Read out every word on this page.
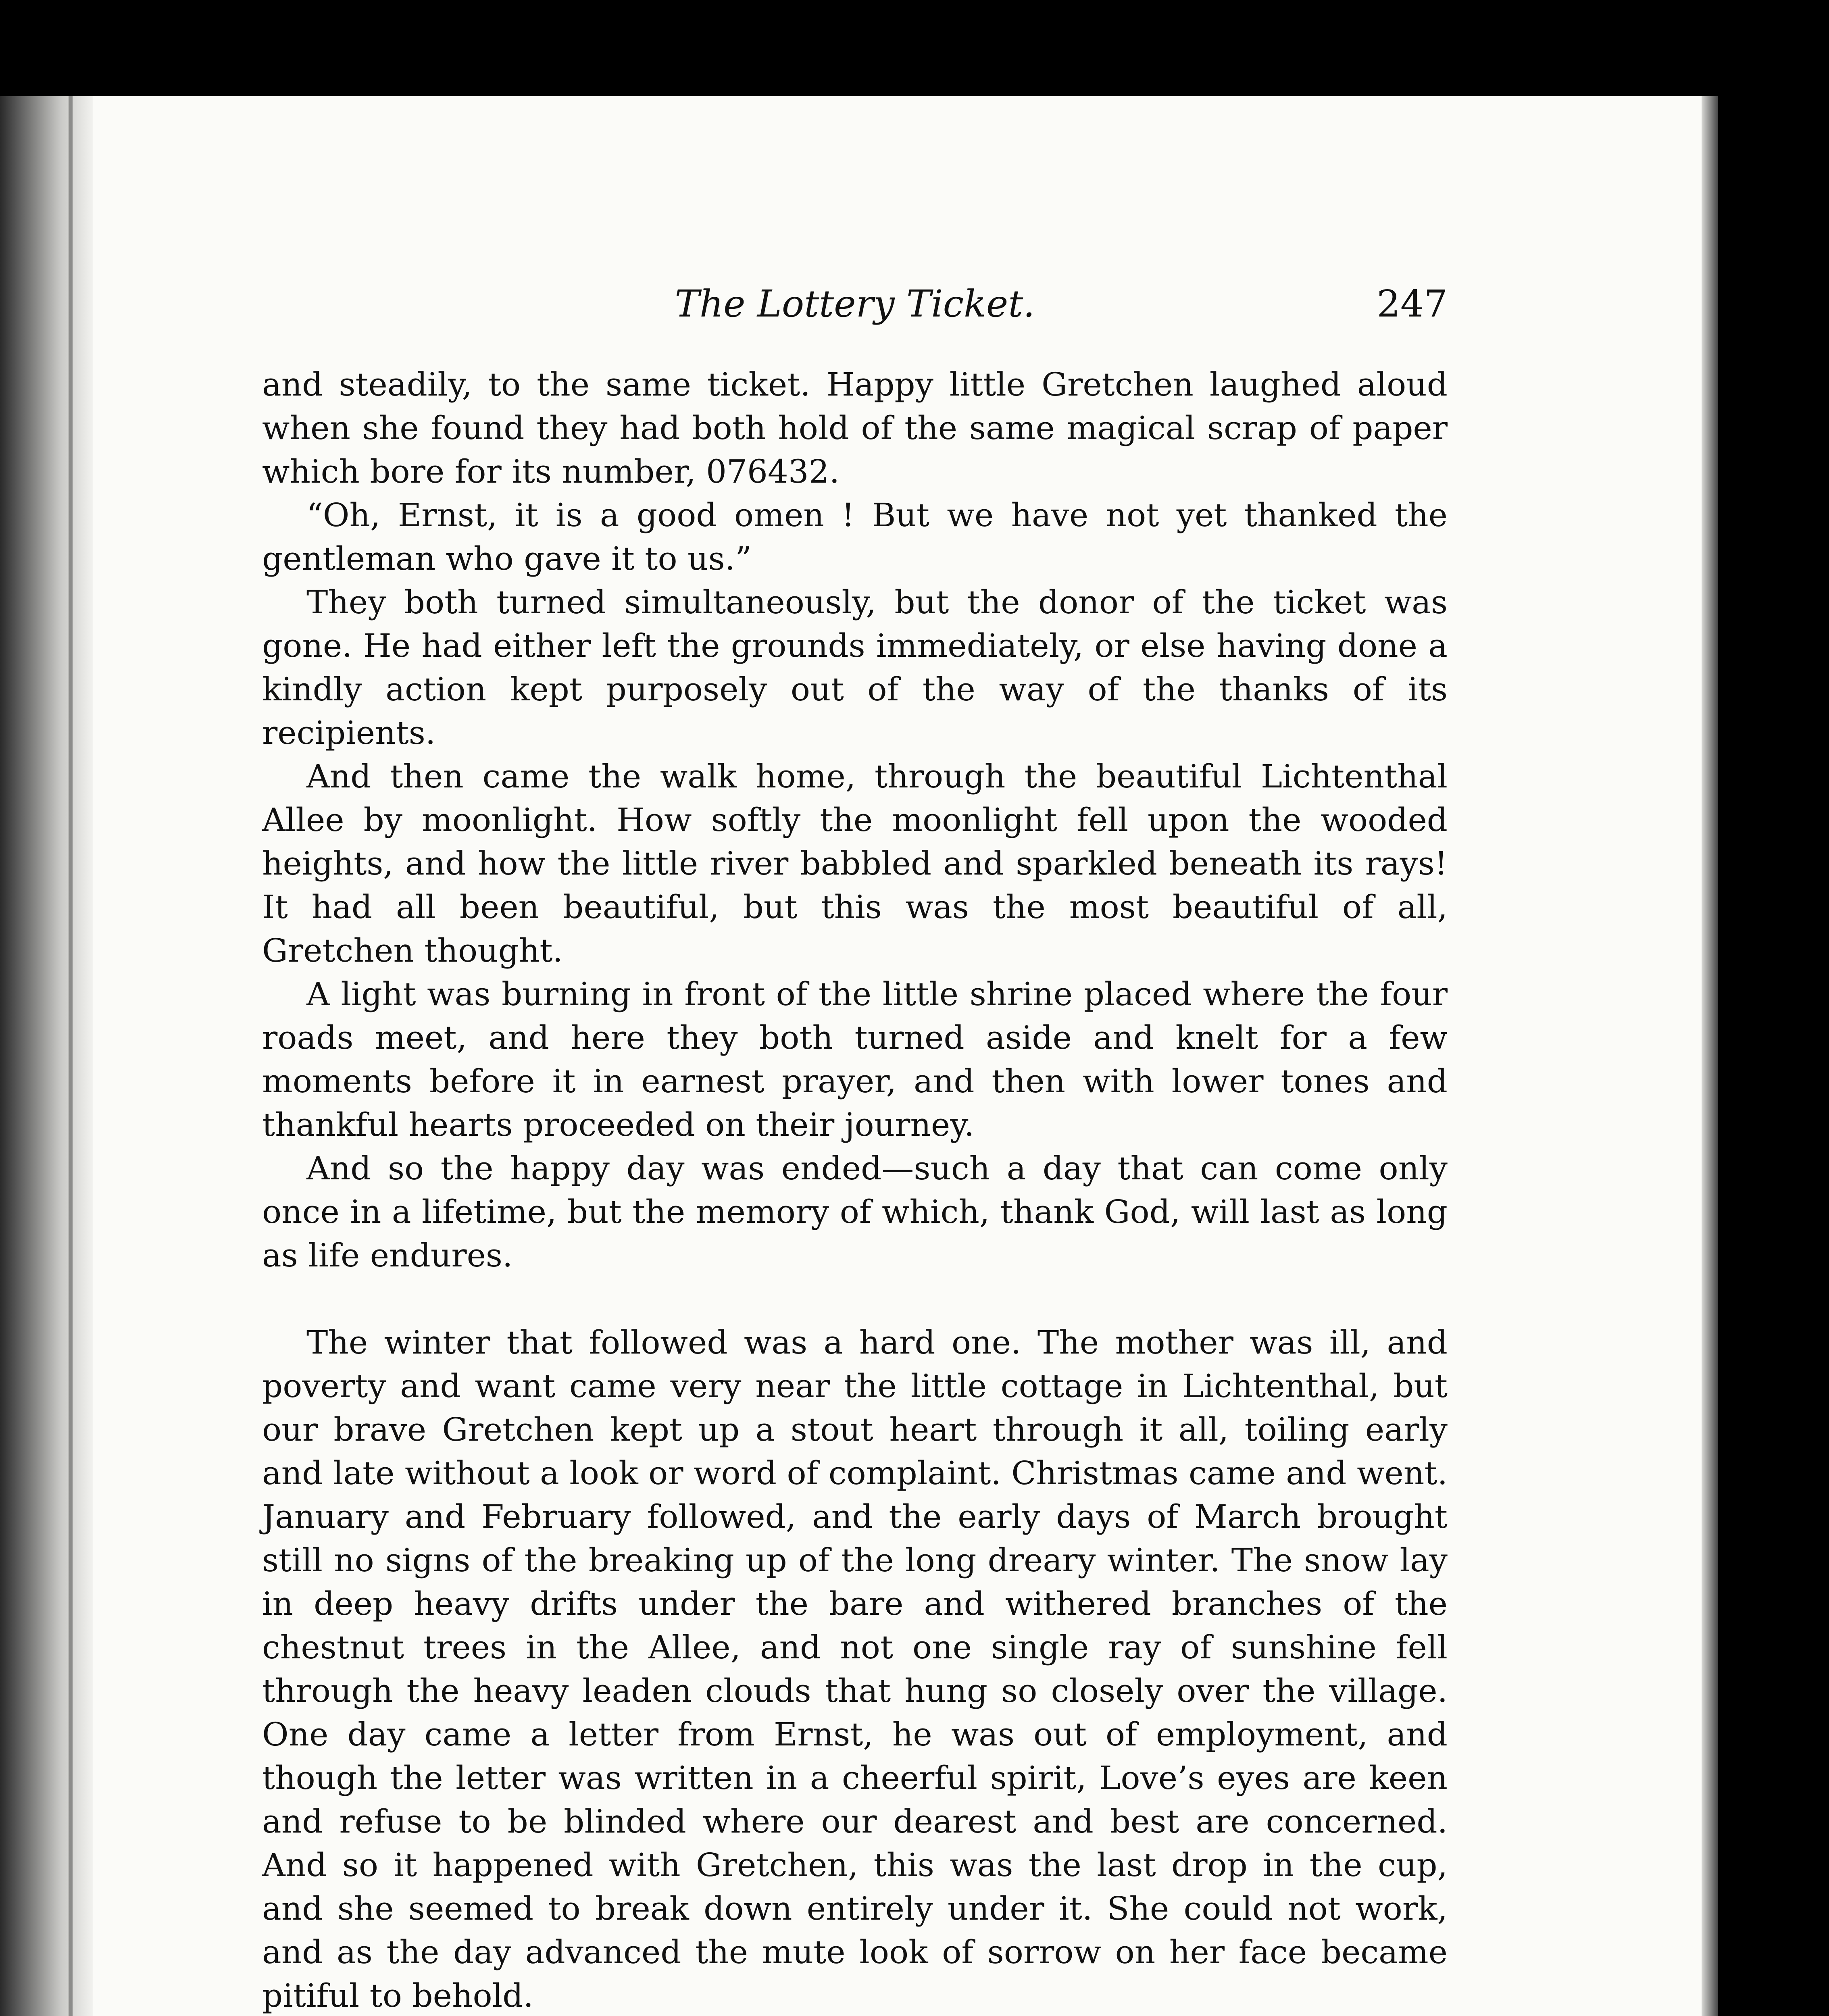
The Lottery Ticket.	247

and steadily, to the same ticket. Happy little Gretchen laughed aloud when she found they had both hold of the same magical scrap of paper which bore for its number, 076432.

“Oh, Ernst, it is a good omen ! But we have not yet thanked the gentleman who gave it to us.”

They both turned simultaneously, but the donor of the ticket was gone. He had either left the grounds immediately, or else having done a kindly action kept purposely out of the way of the thanks of its recipients.

And then came the walk home, through the beautiful Lichtenthal Allee by moonlight. How softly the moonlight fell upon the wooded heights, and how the little river babbled and sparkled beneath its rays! It had all been beautiful, but this was the most beautiful of all, Gretchen thought.

A light was burning in front of the little shrine placed where the four roads meet, and here they both turned aside and knelt for a few moments before it in earnest prayer, and then with lower tones and thankful hearts proceeded on their journey.

And so the happy day was ended—such a day that can come only once in a lifetime, but the memory of which, thank God, will last as long as life endures.

The winter that followed was a hard one. The mother was ill, and poverty and want came very near the little cottage in Lichtenthal, but our brave Gretchen kept up a stout heart through it all, toiling early and late without a look or word of complaint. Christmas came and went. January and February followed, and the early days of March brought still no signs of the breaking up of the long dreary winter. The snow lay in deep heavy drifts under the bare and withered branches of the chestnut trees in the Allee, and not one single ray of sunshine fell through the heavy leaden clouds that hung so closely over the village. One day came a letter from Ernst, he was out of employment, and though the letter was written in a cheerful spirit, Love’s eyes are keen and refuse to be blinded where our dearest and best are concerned. And so it happened with Gretchen, this was the last drop in the cup, and she seemed to break down entirely under it. She could not work, and as the day advanced the mute look of sorrow on her face became pitiful to behold.
